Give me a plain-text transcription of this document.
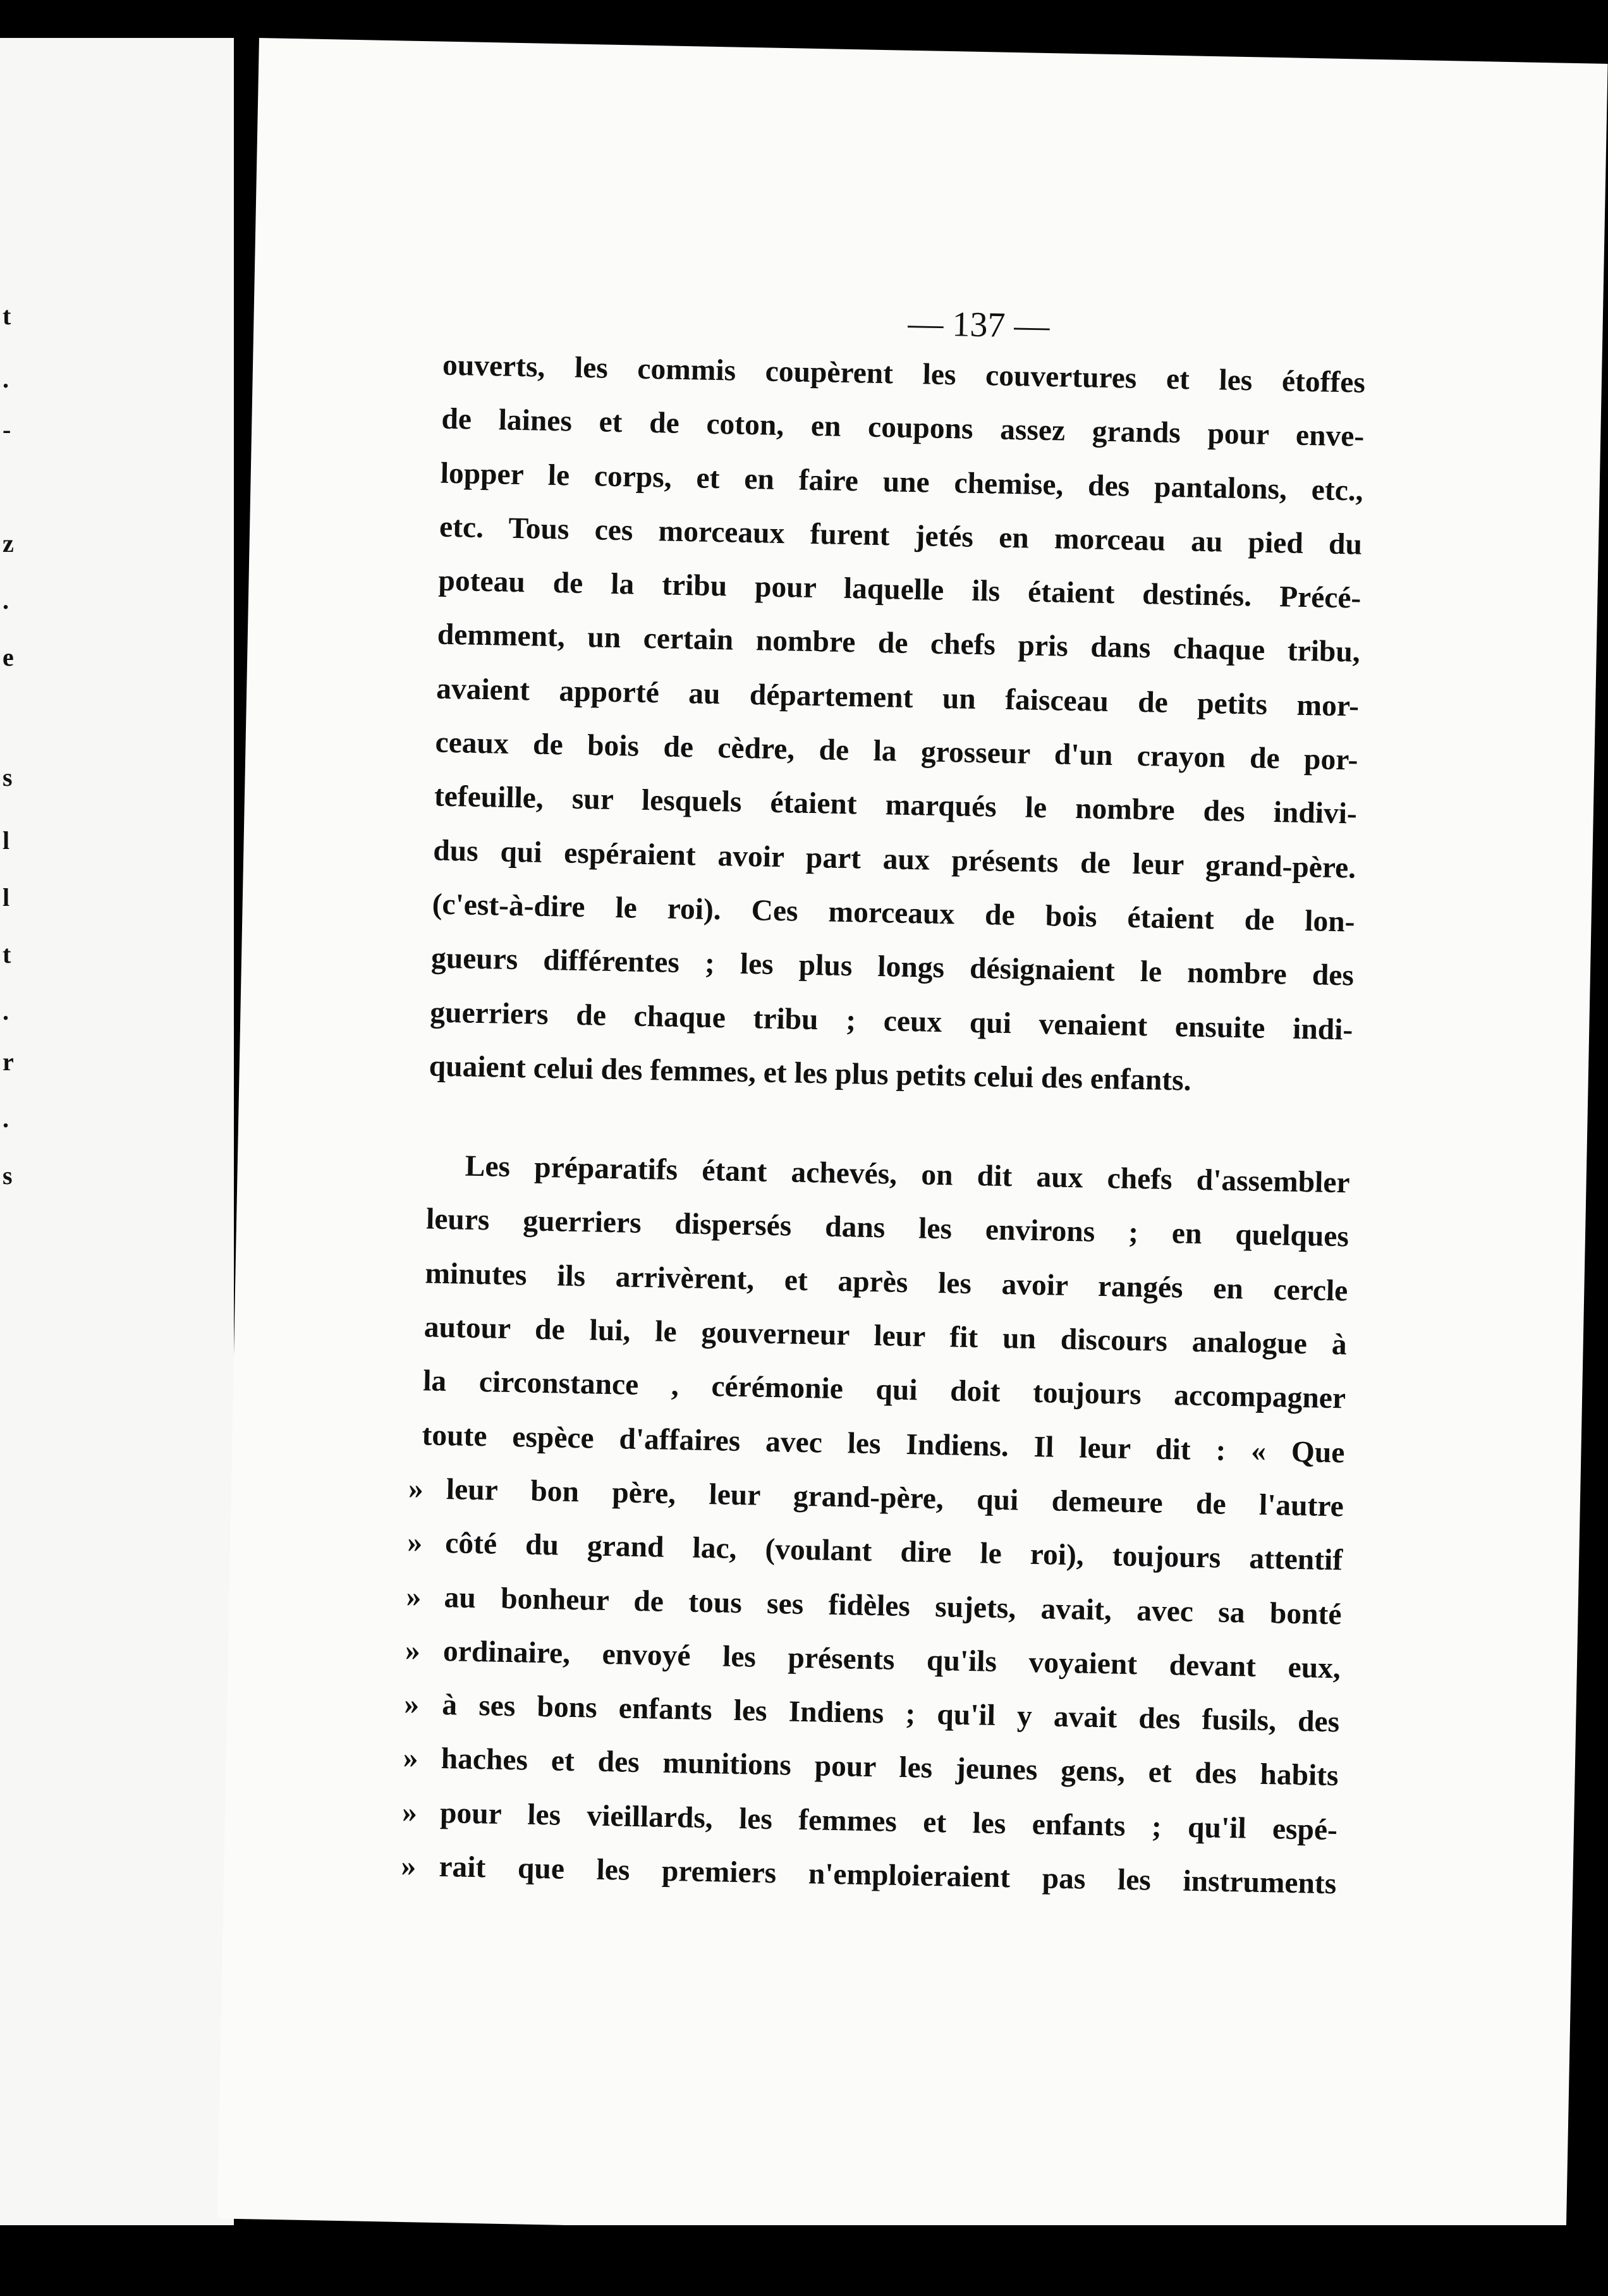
t
.
-
z
.
e
s
l
l
t
.
r
.
s
— 137 —
ouverts, les commis coupèrent les couvertures et les étoffes
de laines et de coton, en coupons assez grands pour enve-
lopper le corps, et en faire une chemise, des pantalons, etc.,
etc. Tous ces morceaux furent jetés en morceau au pied du
poteau de la tribu pour laquelle ils étaient destinés. Précé-
demment, un certain nombre de chefs pris dans chaque tribu,
avaient apporté au département un faisceau de petits mor-
ceaux de bois de cèdre, de la grosseur d'un crayon de por-
tefeuille, sur lesquels étaient marqués le nombre des indivi-
dus qui espéraient avoir part aux présents de leur grand-père.
(c'est-à-dire le roi). Ces morceaux de bois étaient de lon-
gueurs différentes ; les plus longs désignaient le nombre des
guerriers de chaque tribu ; ceux qui venaient ensuite indi-
quaient celui des femmes, et les plus petits celui des enfants.
Les préparatifs étant achevés, on dit aux chefs d'assembler
leurs guerriers dispersés dans les environs ; en quelques
minutes ils arrivèrent, et après les avoir rangés en cercle
autour de lui, le gouverneur leur fit un discours analogue à
la circonstance , cérémonie qui doit toujours accompagner
toute espèce d'affaires avec les Indiens. Il leur dit : « Que
» leur bon père, leur grand-père, qui demeure de l'autre
» côté du grand lac, (voulant dire le roi), toujours attentif
» au bonheur de tous ses fidèles sujets, avait, avec sa bonté
» ordinaire, envoyé les présents qu'ils voyaient devant eux,
» à ses bons enfants les Indiens ; qu'il y avait des fusils, des
» haches et des munitions pour les jeunes gens, et des habits
» pour les vieillards, les femmes et les enfants ; qu'il espé-
» rait que les premiers n'emploieraient pas les instruments
